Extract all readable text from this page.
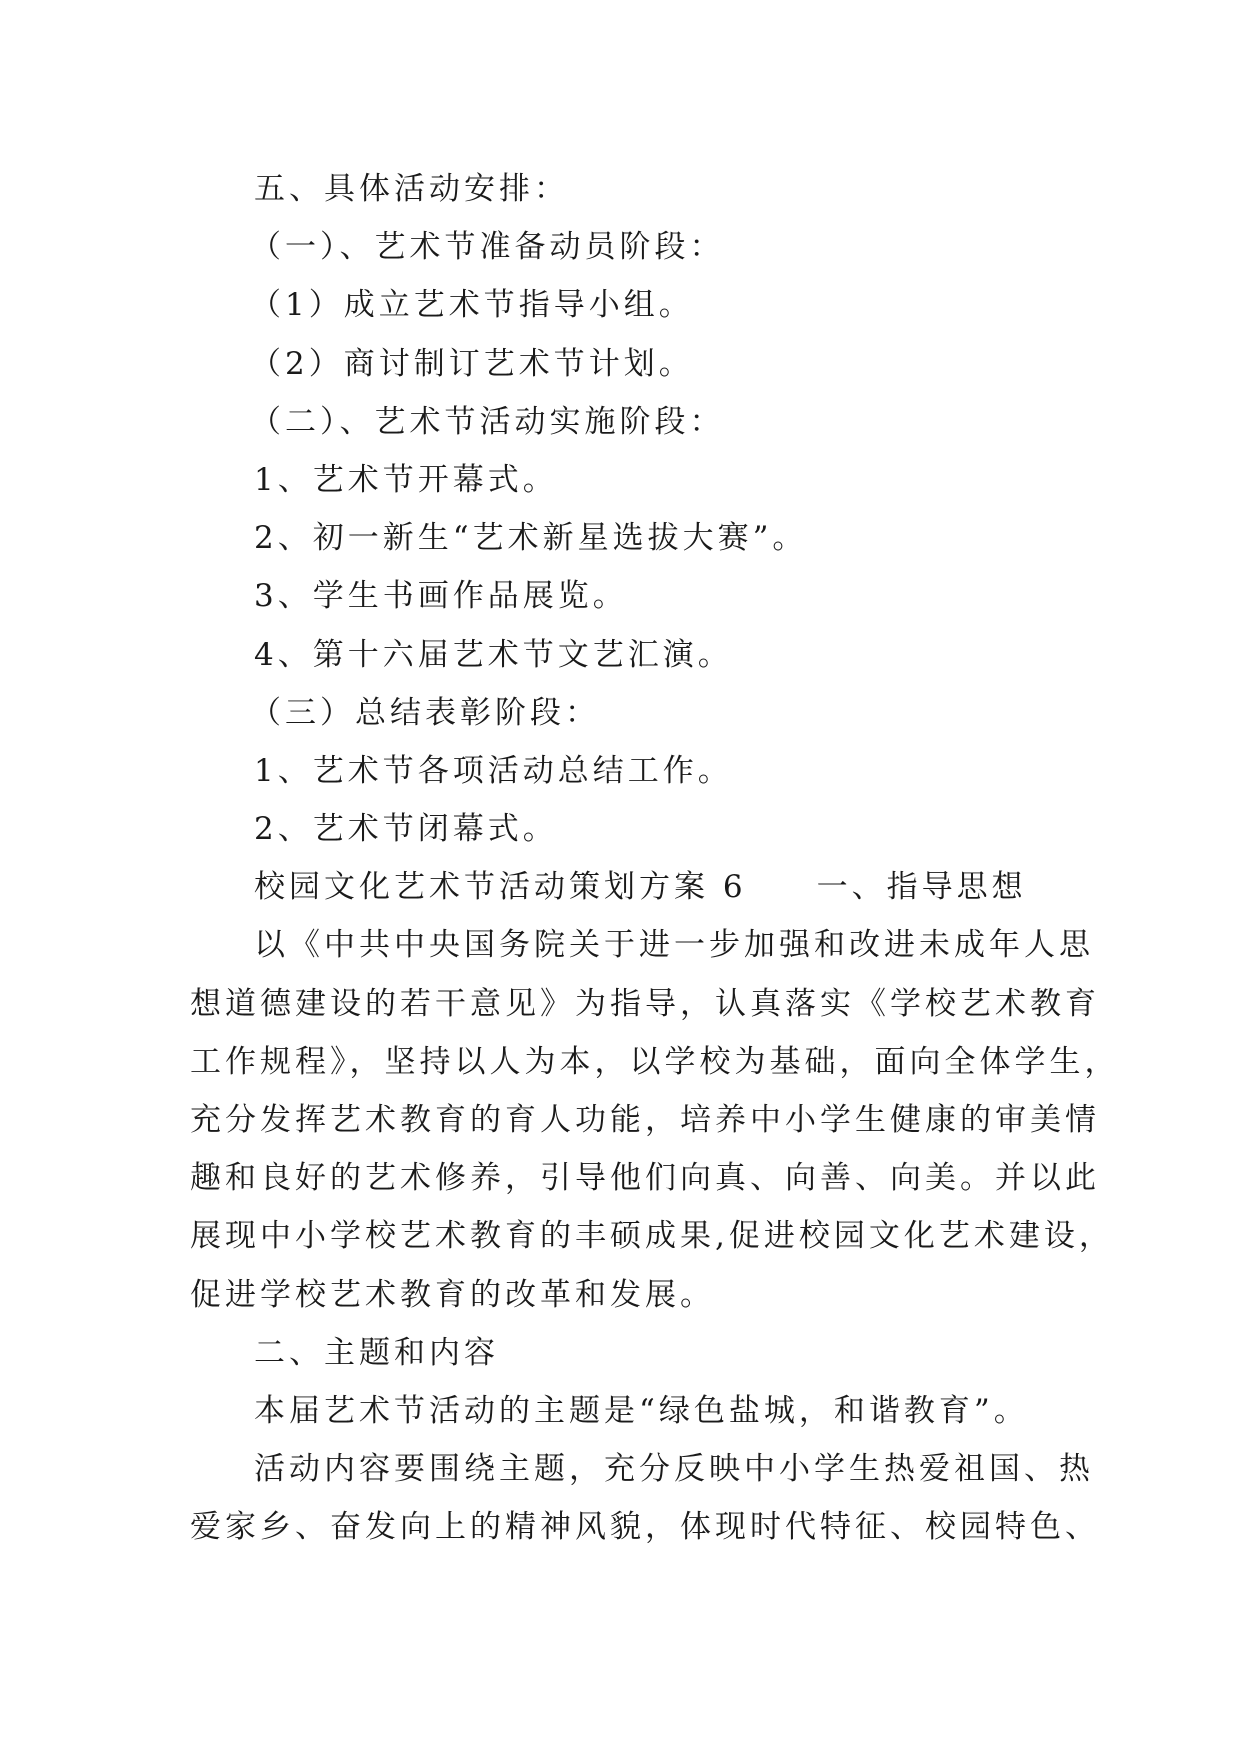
五、具体活动安排：
（一）、艺术节准备动员阶段：
（1）成立艺术节指导小组。
（2）商讨制订艺术节计划。
（二）、艺术节活动实施阶段：
1、艺术节开幕式。
2、初一新生“艺术新星选拔大赛”。
3、学生书画作品展览。
4、第十六届艺术节文艺汇演。
（三）总结表彰阶段：
1、艺术节各项活动总结工作。
2、艺术节闭幕式。
校园文化艺术节活动策划方案 6　　一、指导思想
以《中共中央国务院关于进一步加强和改进未成年人思
想道德建设的若干意见》为指导，认真落实《学校艺术教育
工作规程》，坚持以人为本，以学校为基础，面向全体学生，
充分发挥艺术教育的育人功能，培养中小学生健康的审美情
趣和良好的艺术修养，引导他们向真、向善、向美。并以此
展现中小学校艺术教育的丰硕成果,促进校园文化艺术建设，
促进学校艺术教育的改革和发展。
二、主题和内容
本届艺术节活动的主题是“绿色盐城，和谐教育”。
活动内容要围绕主题，充分反映中小学生热爱祖国、热
爱家乡、奋发向上的精神风貌，体现时代特征、校园特色、
